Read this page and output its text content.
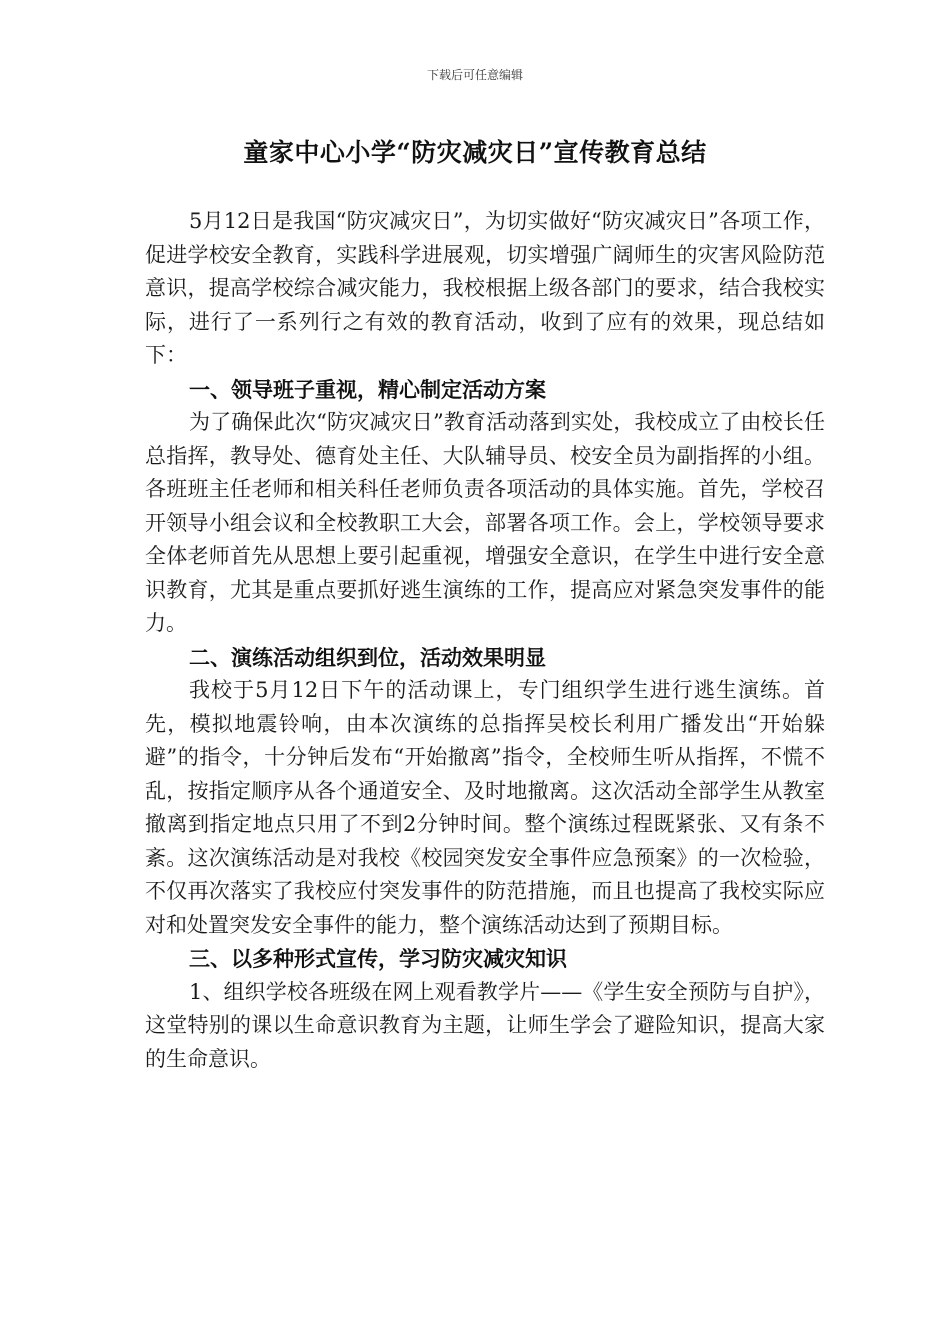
下载后可任意编辑
童家中心小学“防灾减灾日”宣传教育总结

5月12日是我国“防灾减灾日”，为切实做好“防灾减灾日”各项工作，促进学校安全教育，实践科学进展观，切实增强广阔师生的灾害风险防范意识，提高学校综合减灾能力，我校根据上级各部门的要求，结合我校实际，进行了一系列行之有效的教育活动，收到了应有的效果，现总结如下：

一、领导班子重视，精心制定活动方案

为了确保此次“防灾减灾日”教育活动落到实处，我校成立了由校长任总指挥，教导处、德育处主任、大队辅导员、校安全员为副指挥的小组。各班班主任老师和相关科任老师负责各项活动的具体实施。首先，学校召开领导小组会议和全校教职工大会，部署各项工作。会上，学校领导要求全体老师首先从思想上要引起重视，增强安全意识，在学生中进行安全意识教育，尤其是重点要抓好逃生演练的工作，提高应对紧急突发事件的能力。

二、演练活动组织到位，活动效果明显

我校于5月12日下午的活动课上，专门组织学生进行逃生演练。首先，模拟地震铃响，由本次演练的总指挥吴校长利用广播发出“开始躲避”的指令，十分钟后发布“开始撤离”指令，全校师生听从指挥，不慌不乱，按指定顺序从各个通道安全、及时地撤离。这次活动全部学生从教室撤离到指定地点只用了不到2分钟时间。整个演练过程既紧张、又有条不紊。这次演练活动是对我校《校园突发安全事件应急预案》的一次检验，不仅再次落实了我校应付突发事件的防范措施，而且也提高了我校实际应对和处置突发安全事件的能力，整个演练活动达到了预期目标。

三、以多种形式宣传，学习防灾减灾知识

1、组织学校各班级在网上观看教学片——《学生安全预防与自护》，这堂特别的课以生命意识教育为主题，让师生学会了避险知识，提高大家的生命意识。
